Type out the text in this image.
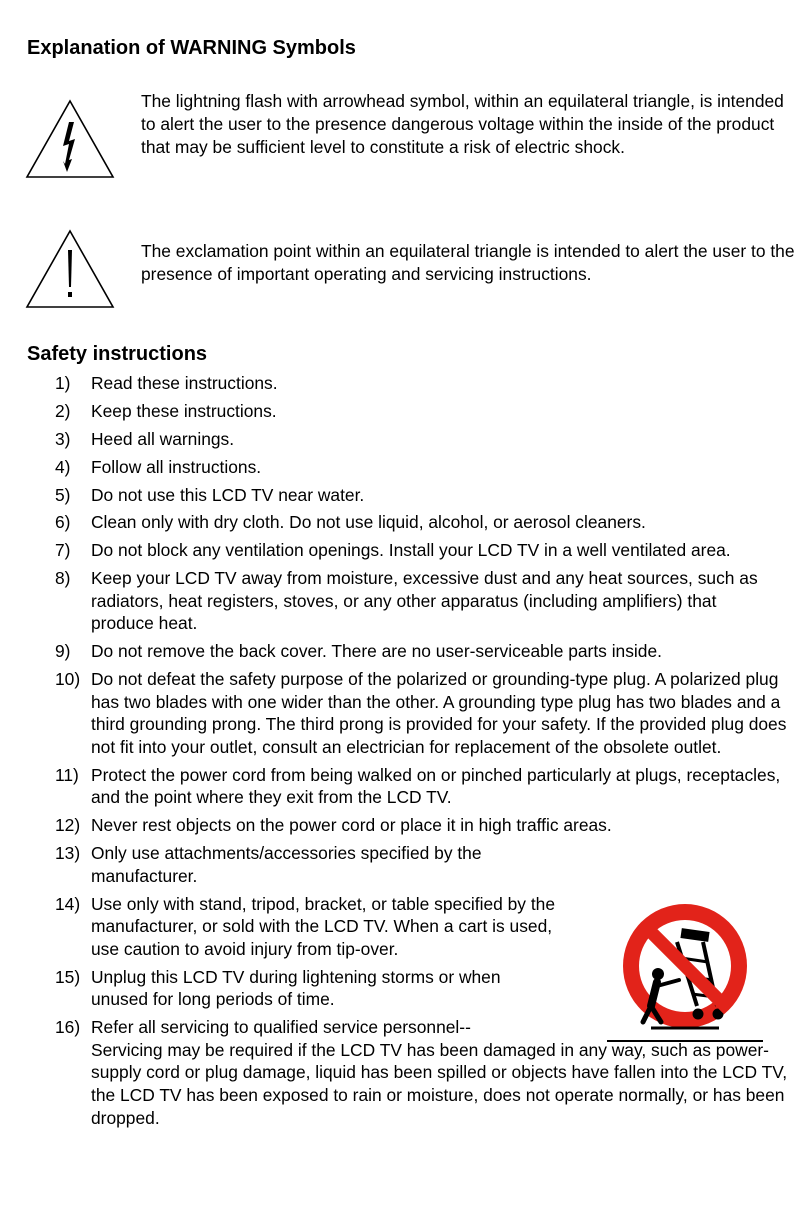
Explanation of WARNING Symbols

The lightning flash with arrowhead symbol, within an equilateral triangle, is intended to alert the user to the presence dangerous voltage within the inside of the product that may be sufficient level to constitute a risk of electric shock.

The exclamation point within an equilateral triangle is intended to alert the user to the presence of important operating and servicing instructions.

Safety instructions
1) Read these instructions.
2) Keep these instructions.
3) Heed all warnings.
4) Follow all instructions.
5) Do not use this LCD TV near water.
6) Clean only with dry cloth. Do not use liquid, alcohol, or aerosol cleaners.
7) Do not block any ventilation openings. Install your LCD TV in a well ventilated area.
8) Keep your LCD TV away from moisture, excessive dust and any heat sources, such as radiators, heat registers, stoves, or any other apparatus (including amplifiers) that produce heat.
9) Do not remove the back cover. There are no user-serviceable parts inside.
10) Do not defeat the safety purpose of the polarized or grounding-type plug. A polarized plug has two blades with one wider than the other. A grounding type plug has two blades and a third grounding prong. The third prong is provided for your safety. If the provided plug does not fit into your outlet, consult an electrician for replacement of the obsolete outlet.
11) Protect the power cord from being walked on or pinched particularly at plugs, receptacles, and the point where they exit from the LCD TV.
12) Never rest objects on the power cord or place it in high traffic areas.
13) Only use attachments/accessories specified by the manufacturer.
14) Use only with stand, tripod, bracket, or table specified by the manufacturer, or sold with the LCD TV. When a cart is used, use caution to avoid injury from tip-over.
15) Unplug this LCD TV during lightening storms or when unused for long periods of time.
16) Refer all servicing to qualified service personnel--
Servicing may be required if the LCD TV has been damaged in any way, such as power-supply cord or plug damage, liquid has been spilled or objects have fallen into the LCD TV, the LCD TV has been exposed to rain or moisture, does not operate normally, or has been dropped.
